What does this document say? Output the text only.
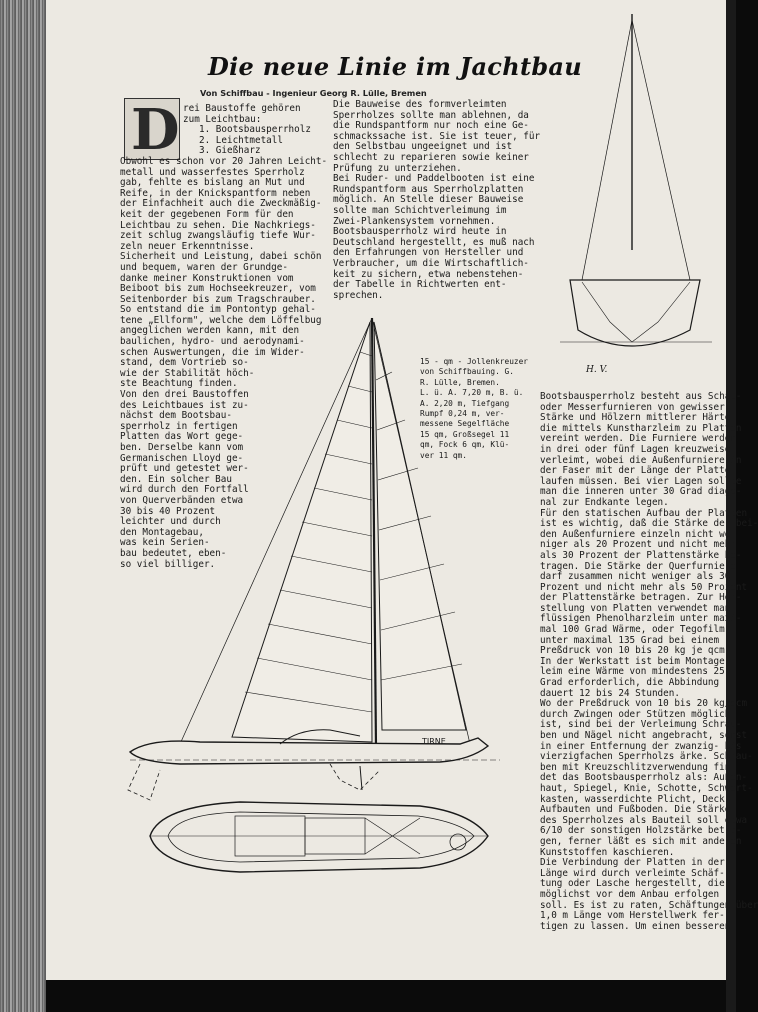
Die neue Linie im Jachtbau
Von Schiffbau - Ingenieur Georg R. Lülle, Bremen
D rei Baustoffe gehören

zum Leichtbau:

1. Bootsbausperrholz

2. Leichtmetall

3. Gießharz

Obwohl es schon vor 20 Jahren Leicht-

metall und wasserfestes Sperrholz

gab, fehlte es bislang an Mut und

Reife, in der Knickspantform neben

der Einfachheit auch die Zweckmäßig-

keit der gegebenen Form für den

Leichtbau zu sehen. Die Nachkriegs-

zeit schlug zwangsläufig tiefe Wur-

zeln neuer Erkenntnisse.

Sicherheit und Leistung, dabei schön

und bequem, waren der Grundge-

danke meiner Konstruktionen vom

Beiboot bis zum Hochseekreuzer, vom

Seitenborder bis zum Tragschrauber.

So entstand die im Pontontyp gehal-

tene „Ellform", welche dem Löffelbug

angeglichen werden kann, mit den

baulichen, hydro- und aerodynami-

schen Auswertungen, die im Wider-

stand, dem Vortrieb so-

wie der Stabilität höch-

ste Beachtung finden.

Von den drei Baustoffen

des Leichtbaues ist zu-

nächst dem Bootsbau-

sperrholz in fertigen

Platten das Wort gege-

ben. Derselbe kann vom

Germanischen Lloyd ge-

prüft und getestet wer-

den. Ein solcher Bau

wird durch den Fortfall

von Querverbänden etwa

30 bis 40 Prozent

leichter und durch

den Montagebau,

was kein Serien-

bau bedeutet, eben-

so viel billiger.

Die Bauweise des formverleimten

Sperrholzes sollte man ablehnen, da

die Rundspantform nur noch eine Ge-

schmackssache ist. Sie ist teuer, für

den Selbstbau ungeeignet und ist

schlecht zu reparieren sowie keiner

Prüfung zu unterziehen.

Bei Ruder- und Paddelbooten ist eine

Rundspantform aus Sperrholzplatten

möglich. An Stelle dieser Bauweise

sollte man Schichtverleimung im

Zwei-Plankensystem vornehmen.

Bootsbausperrholz wird heute in

Deutschland hergestellt, es muß nach

den Erfahrungen von Hersteller und

Verbraucher, um die Wirtschaftlich-

keit zu sichern, etwa nebenstehen-

der Tabelle in Richtwerten ent-

sprechen.

Bootsbausperrholz besteht aus Schäl-

oder Messerfurnieren von gewisser

Stärke und Hölzern mittlerer Härte,

die mittels Kunstharzleim zu Platten

vereint werden. Die Furniere werden

in drei oder fünf Lagen kreuzweise

verleimt, wobei die Außenfurniere in

der Faser mit der Länge der Platte

laufen müssen. Bei vier Lagen sollte

man die inneren unter 30 Grad diago-

nal zur Endkante legen.

Für den statischen Aufbau der Platten

ist es wichtig, daß die Stärke der bei-

den Außenfurniere einzeln nicht we-

niger als 20 Prozent und nicht mehr

als 30 Prozent der Plattenstärke be-

tragen. Die Stärke der Querfurniere

darf zusammen nicht weniger als 30

Prozent und nicht mehr als 50 Prozent

der Plattenstärke betragen. Zur Her-

stellung von Platten verwendet man

flüssigen Phenolharzleim unter maxi-

mal 100 Grad Wärme, oder Tegofilm

unter maximal 135 Grad bei einem

Preßdruck von 10 bis 20 kg je qcm.

In der Werkstatt ist beim Montage-

leim eine Wärme von mindestens 25

Grad erforderlich, die Abbindung

dauert 12 bis 24 Stunden.

Wo der Preßdruck von 10 bis 20 kg/qcm

durch Zwingen oder Stützen möglich

ist, sind bei der Verleimung Schrau-

ben und Nägel nicht angebracht, sonst

in einer Entfernung der zwanzig- bis

vierzigfachen Sperrholzs ärke. Schrau-

ben mit Kreuzschlitzverwendung fin-

det das Bootsbausperrholz als: Außen-

haut, Spiegel, Knie, Schotte, Schwert-

kasten, wasserdichte Plicht, Deck,

Aufbauten und Fußboden. Die Stärke

des Sperrholzes als Bauteil soll etwa

6/10 der sonstigen Holzstärke betra-

gen, ferner läßt es sich mit anderen

Kunststoffen kaschieren.

Die Verbindung der Platten in der

Länge wird durch verleimte Schäf-

tung oder Lasche hergestellt, die

möglichst vor dem Anbau erfolgen

soll. Es ist zu raten, Schäftungen über

1,0 m Länge vom Herstellwerk fer-

tigen zu lassen. Um einen besseren

15 - qm - Jollenkreuzer

von Schiffbauing. G.

R. Lülle, Bremen.

L. ü. A. 7,20 m, B. ü.

A. 2,20 m, Tiefgang

Rumpf 0,24 m, ver-

messene Segelfläche

15 qm, Großsegel 11

qm, Fock 6 qm, Klü-

ver 11 qm.

TIRNE
H. V.
